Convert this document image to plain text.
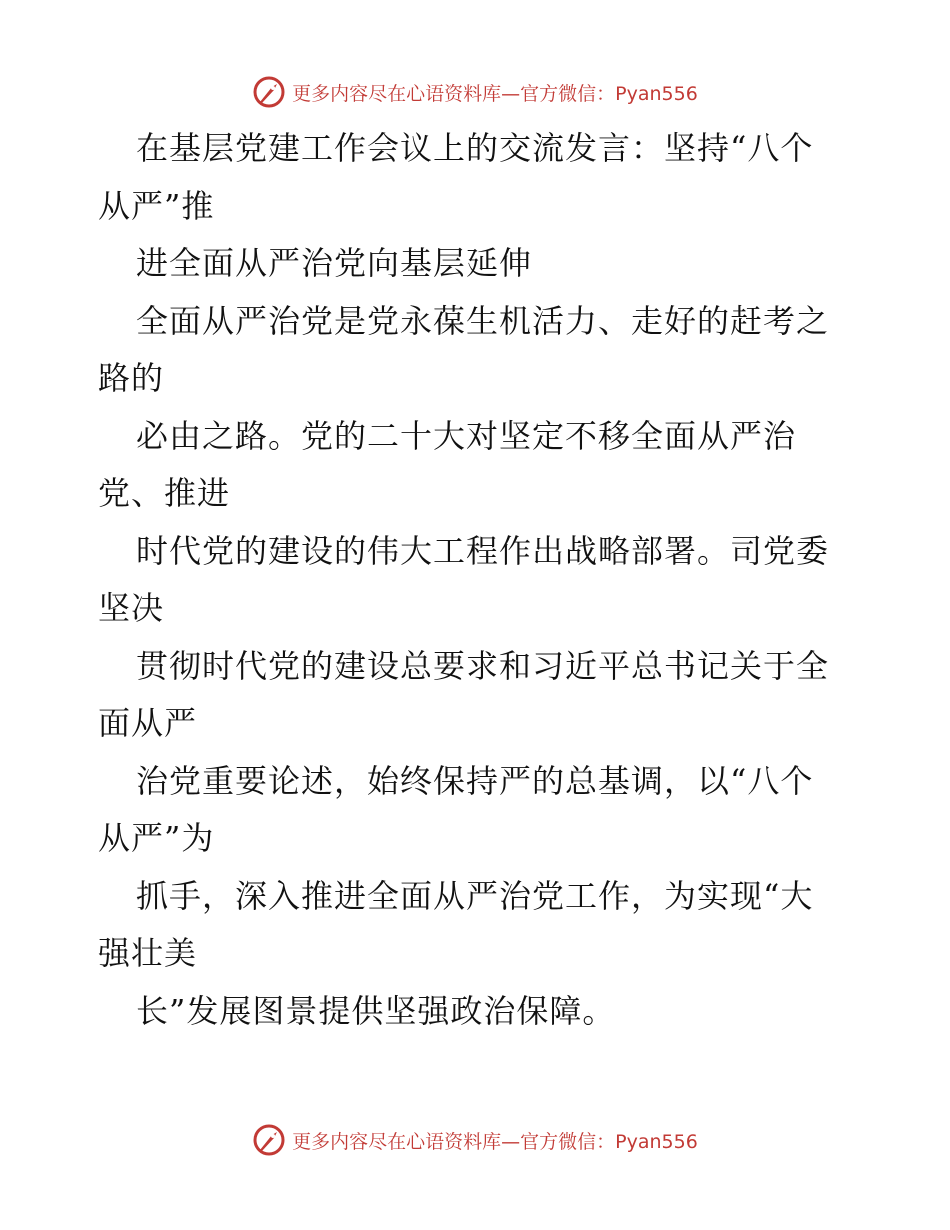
更多内容尽在心语资料库—官方微信：Pyan556
在基层党建工作会议上的交流发言：坚持“八个
从严”推
进全面从严治党向基层延伸
全面从严治党是党永葆生机活力、走好的赶考之
路的
必由之路。党的二十大对坚定不移全面从严治
党、推进
时代党的建设的伟大工程作出战略部署。司党委
坚决
贯彻时代党的建设总要求和习近平总书记关于全
面从严
治党重要论述，始终保持严的总基调，以“八个
从严”为
抓手，深入推进全面从严治党工作，为实现“大
强壮美
长”发展图景提供坚强政治保障。
更多内容尽在心语资料库—官方微信：Pyan556
